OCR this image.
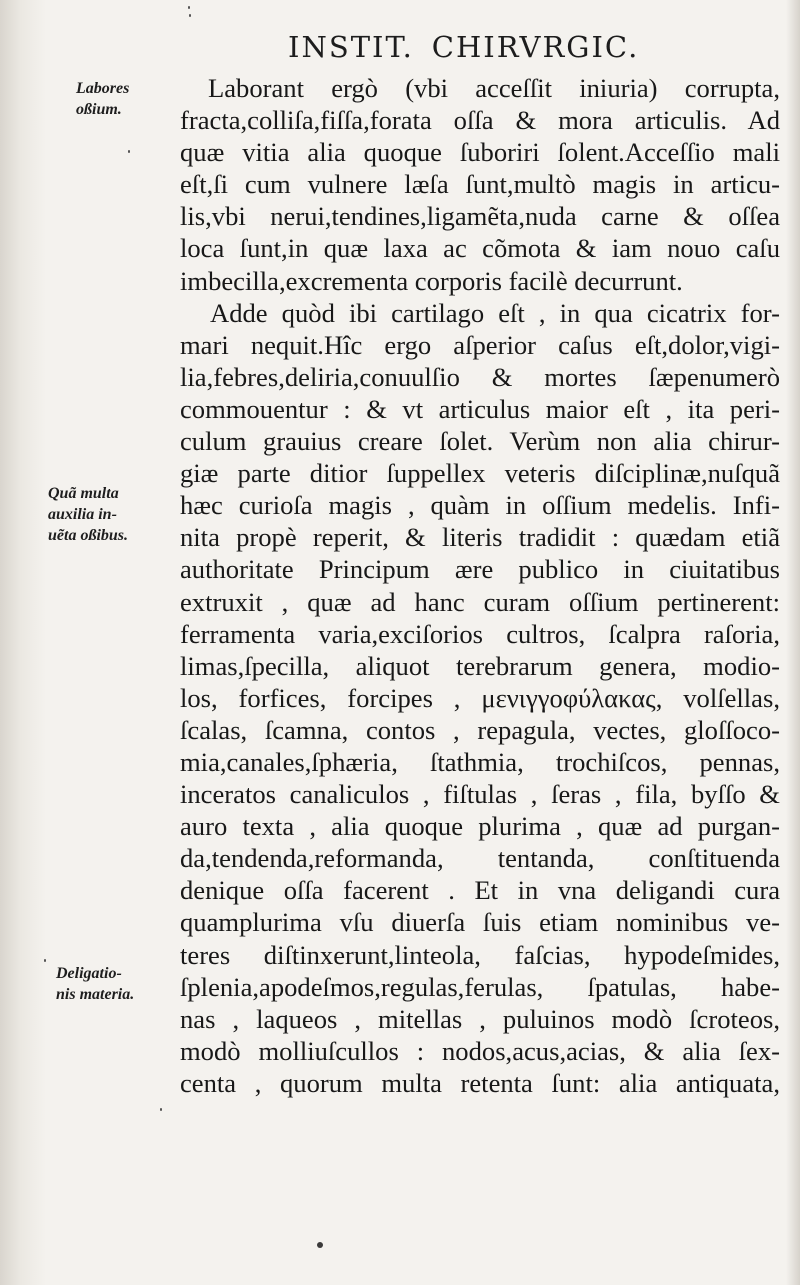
INSTIT. CHIRVRGIC.
Labores
oßium.
Quã multa
auxilia in-
uẽta oßibus.
Deligatio-
nis materia.
Laborant ergò (vbi acceſſit iniuria) corrupta,
fracta,colliſa,fiſſa,forata oſſa & mora articulis. Ad
quæ vitia alia quoque ſuboriri ſolent.Acceſſio mali
eſt,ſi cum vulnere læſa ſunt,multò magis in articu-
lis,vbi nerui,tendines,ligamẽta,nuda carne & oſſea
loca ſunt,in quæ laxa ac cõmota & iam nouo caſu
imbecilla,excrementa corporis facilè decurrunt.
Adde quòd ibi cartilago eſt , in qua cicatrix for-
mari nequit.Hîc ergo aſperior caſus eſt,dolor,vigi-
lia,febres,deliria,conuulſio & mortes ſæpenumerò
commouentur : & vt articulus maior eſt , ita peri-
culum grauius creare ſolet. Verùm non alia chirur-
giæ parte ditior ſuppellex veteris diſciplinæ,nuſquã
hæc curioſa magis , quàm in oſſium medelis. Infi-
nita propè reperit, & literis tradidit : quædam etiã
authoritate Principum ære publico in ciuitatibus
extruxit , quæ ad hanc curam oſſium pertinerent:
ferramenta varia,exciſorios cultros, ſcalpra raſoria,
limas,ſpecilla, aliquot terebrarum genera, modio-
los, forfices, forcipes , μενιγγοφύλακας, volſellas,
ſcalas, ſcamna, contos , repagula, vectes, gloſſoco-
mia,canales,ſphæria, ſtathmia, trochiſcos, pennas,
inceratos canaliculos , fiſtulas , ſeras , fila, byſſo &
auro texta , alia quoque plurima , quæ ad purgan-
da,tendenda,reformanda, tentanda, conſtituenda
denique oſſa facerent . Et in vna deligandi cura
quamplurima vſu diuerſa ſuis etiam nominibus ve-
teres diſtinxerunt,linteola, faſcias, hypodeſmides,
ſplenia,apodeſmos,regulas,ferulas, ſpatulas, habe-
nas , laqueos , mitellas , puluinos modò ſcroteos,
modò molliuſcullos : nodos,acus,acias, & alia ſex-
centa , quorum multa retenta ſunt: alia antiquata,
